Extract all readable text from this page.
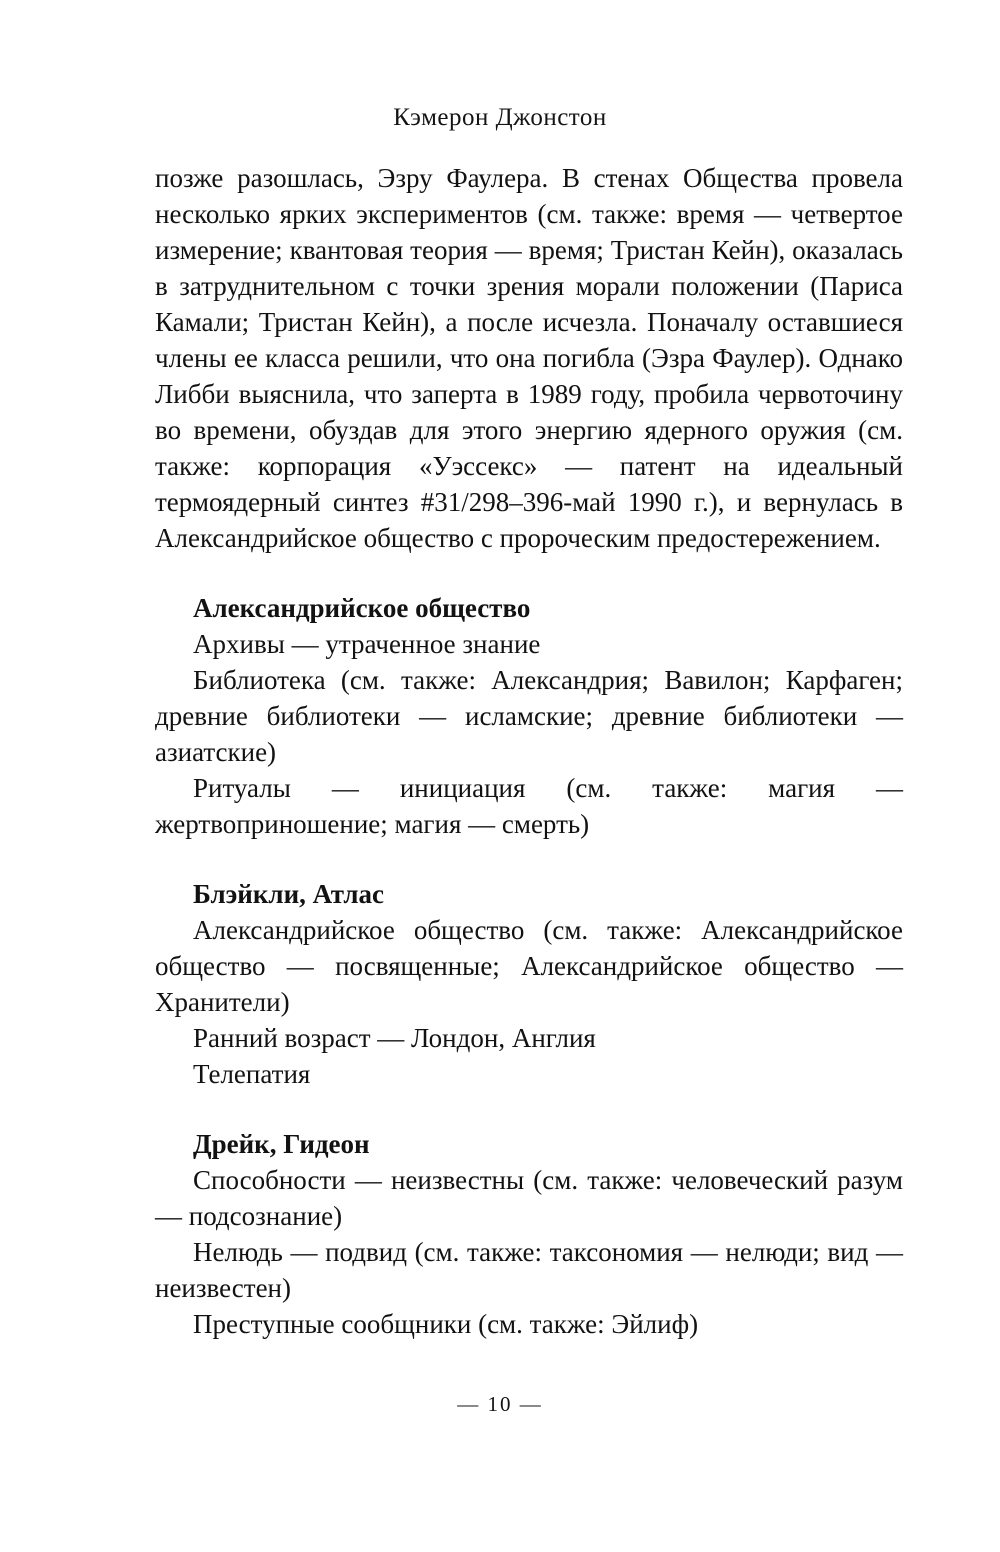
Кэмерон Джонстон

позже разошлась, Эзру Фаулера. В стенах Общества провела несколько ярких экспериментов (см. также: время — четвертое измерение; квантовая теория — время; Тристан Кейн), оказалась в затруднительном с точки зрения морали положении (Париса Камали; Тристан Кейн), а после исчезла. Поначалу оставшиеся члены ее класса решили, что она погибла (Эзра Фаулер). Однако Либби выяснила, что заперта в 1989 году, пробила червоточину во времени, обуздав для этого энергию ядерного оружия (см. также: корпорация «Уэссекс» — патент на идеальный термоядерный синтез #31/298–396-май 1990 г.), и вернулась в Александрийское общество с пророческим предостережением.

Александрийское общество

Архивы — утраченное знание

Библиотека (см. также: Александрия; Вавилон; Карфаген; древние библиотеки — исламские; древние библиотеки — азиатские)

Ритуалы — инициация (см. также: магия — жертвоприношение; магия — смерть)

Блэйкли, Атлас

Александрийское общество (см. также: Александрийское общество — посвященные; Александрийское общество — Хранители)

Ранний возраст — Лондон, Англия

Телепатия

Дрейк, Гидеон

Способности — неизвестны (см. также: человеческий разум — подсознание)

Нелюдь — подвид (см. также: таксономия — нелюди; вид — неизвестен)

Преступные сообщники (см. также: Эйлиф)

— 10 —
